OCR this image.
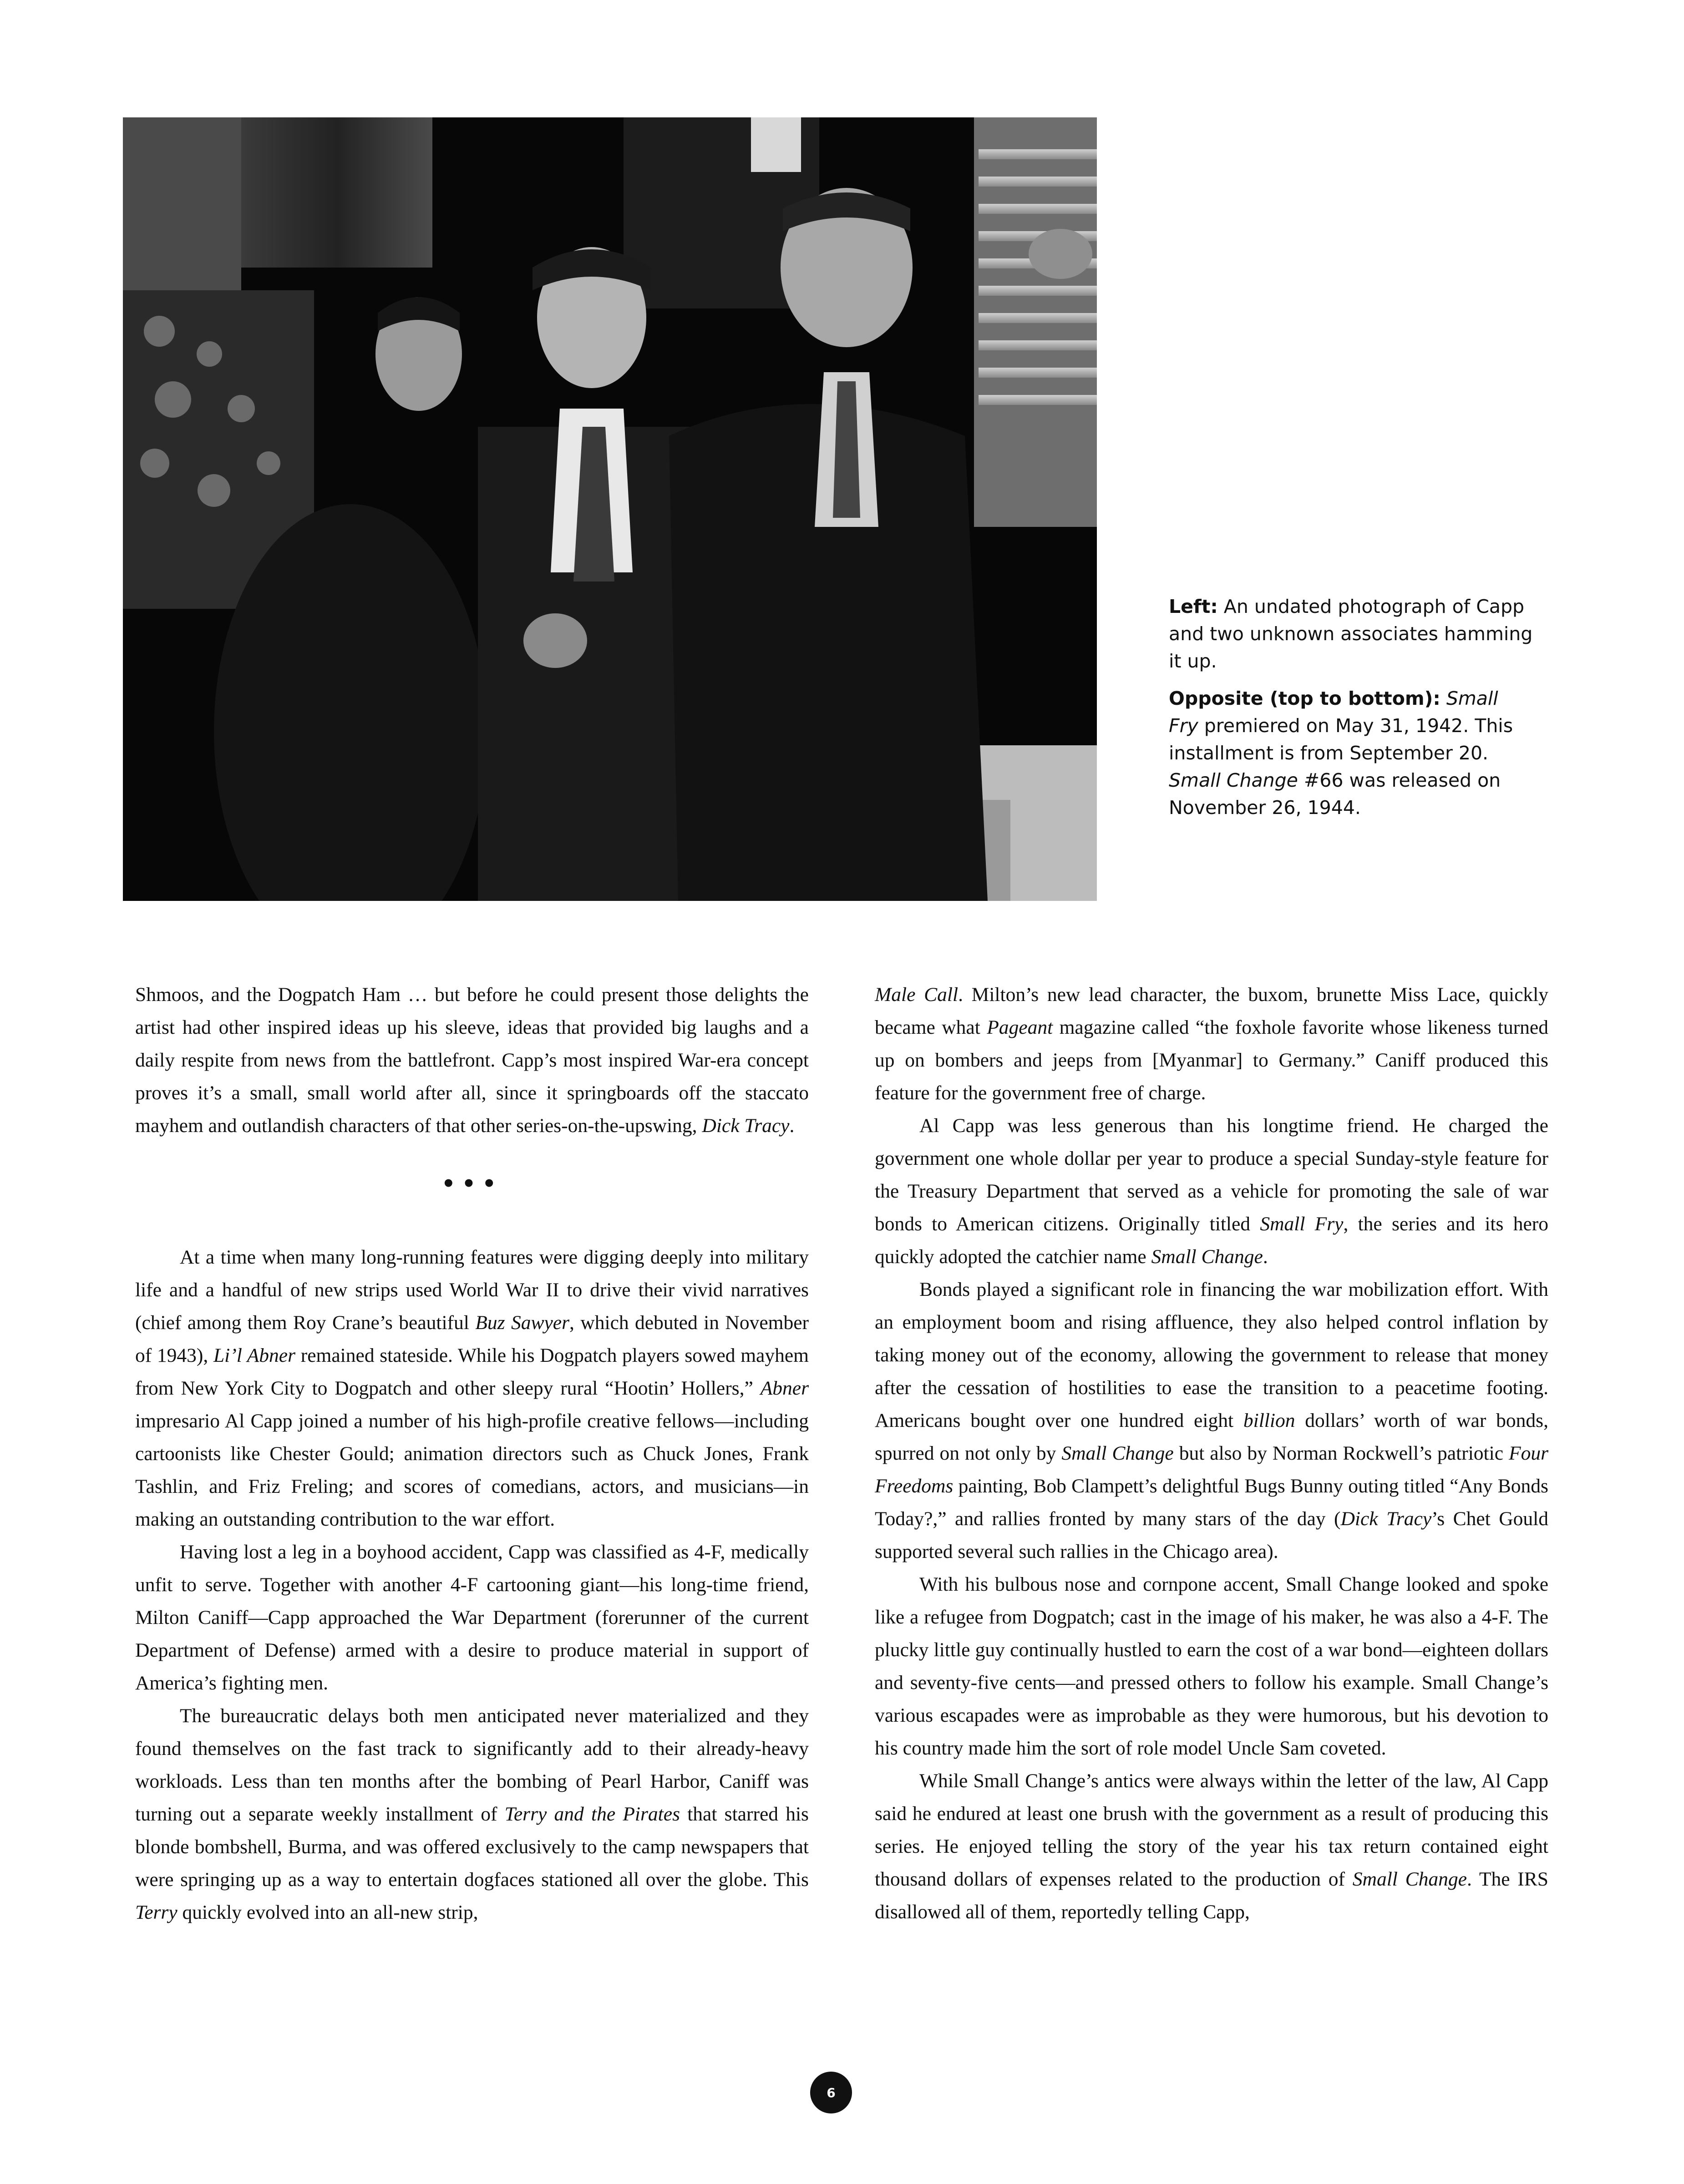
Left: An undated photograph of Capp and two unknown associates hamming it up.

Opposite (top to bottom): Small Fry premiered on May 31, 1942. This installment is from September 20. Small Change #66 was released on November 26, 1944.

Shmoos, and the Dogpatch Ham … but before he could present those delights the artist had other inspired ideas up his sleeve, ideas that provided big laughs and a daily respite from news from the battlefront. Capp’s most inspired War-era concept proves it’s a small, small world after all, since it springboards off the staccato mayhem and outlandish characters of that other series-on-the-upswing, Dick Tracy.

•••

At a time when many long-running features were digging deeply into military life and a handful of new strips used World War II to drive their vivid narratives (chief among them Roy Crane’s beautiful Buz Sawyer, which debuted in November of 1943), Li’l Abner remained stateside. While his Dogpatch players sowed mayhem from New York City to Dogpatch and other sleepy rural “Hootin’ Hollers,” Abner impresario Al Capp joined a number of his high-profile creative fellows—including cartoonists like Chester Gould; animation directors such as Chuck Jones, Frank Tashlin, and Friz Freling; and scores of comedians, actors, and musicians—in making an outstanding contribution to the war effort.

Having lost a leg in a boyhood accident, Capp was classified as 4-F, medically unfit to serve. Together with another 4-F cartooning giant—his long-time friend, Milton Caniff—Capp approached the War Department (forerunner of the current Department of Defense) armed with a desire to produce material in support of America’s fighting men.

The bureaucratic delays both men anticipated never materialized and they found themselves on the fast track to significantly add to their already-heavy workloads. Less than ten months after the bombing of Pearl Harbor, Caniff was turning out a separate weekly installment of Terry and the Pirates that starred his blonde bombshell, Burma, and was offered exclusively to the camp newspapers that were springing up as a way to entertain dogfaces stationed all over the globe. This Terry quickly evolved into an all-new strip,

Male Call. Milton’s new lead character, the buxom, brunette Miss Lace, quickly became what Pageant magazine called “the foxhole favorite whose likeness turned up on bombers and jeeps from [Myanmar] to Germany.” Caniff produced this feature for the government free of charge.

Al Capp was less generous than his longtime friend. He charged the government one whole dollar per year to produce a special Sunday-style feature for the Treasury Department that served as a vehicle for promoting the sale of war bonds to American citizens. Originally titled Small Fry, the series and its hero quickly adopted the catchier name Small Change.

Bonds played a significant role in financing the war mobilization effort. With an employment boom and rising affluence, they also helped control inflation by taking money out of the economy, allowing the government to release that money after the cessation of hostilities to ease the transition to a peacetime footing. Americans bought over one hundred eight billion dollars’ worth of war bonds, spurred on not only by Small Change but also by Norman Rockwell’s patriotic Four Freedoms painting, Bob Clampett’s delightful Bugs Bunny outing titled “Any Bonds Today?,” and rallies fronted by many stars of the day (Dick Tracy’s Chet Gould supported several such rallies in the Chicago area).

With his bulbous nose and cornpone accent, Small Change looked and spoke like a refugee from Dogpatch; cast in the image of his maker, he was also a 4-F. The plucky little guy continually hustled to earn the cost of a war bond—eighteen dollars and seventy-five cents—and pressed others to follow his example. Small Change’s various escapades were as improbable as they were humorous, but his devotion to his country made him the sort of role model Uncle Sam coveted.

While Small Change’s antics were always within the letter of the law, Al Capp said he endured at least one brush with the government as a result of producing this series. He enjoyed telling the story of the year his tax return contained eight thousand dollars of expenses related to the production of Small Change. The IRS disallowed all of them, reportedly telling Capp,

6
